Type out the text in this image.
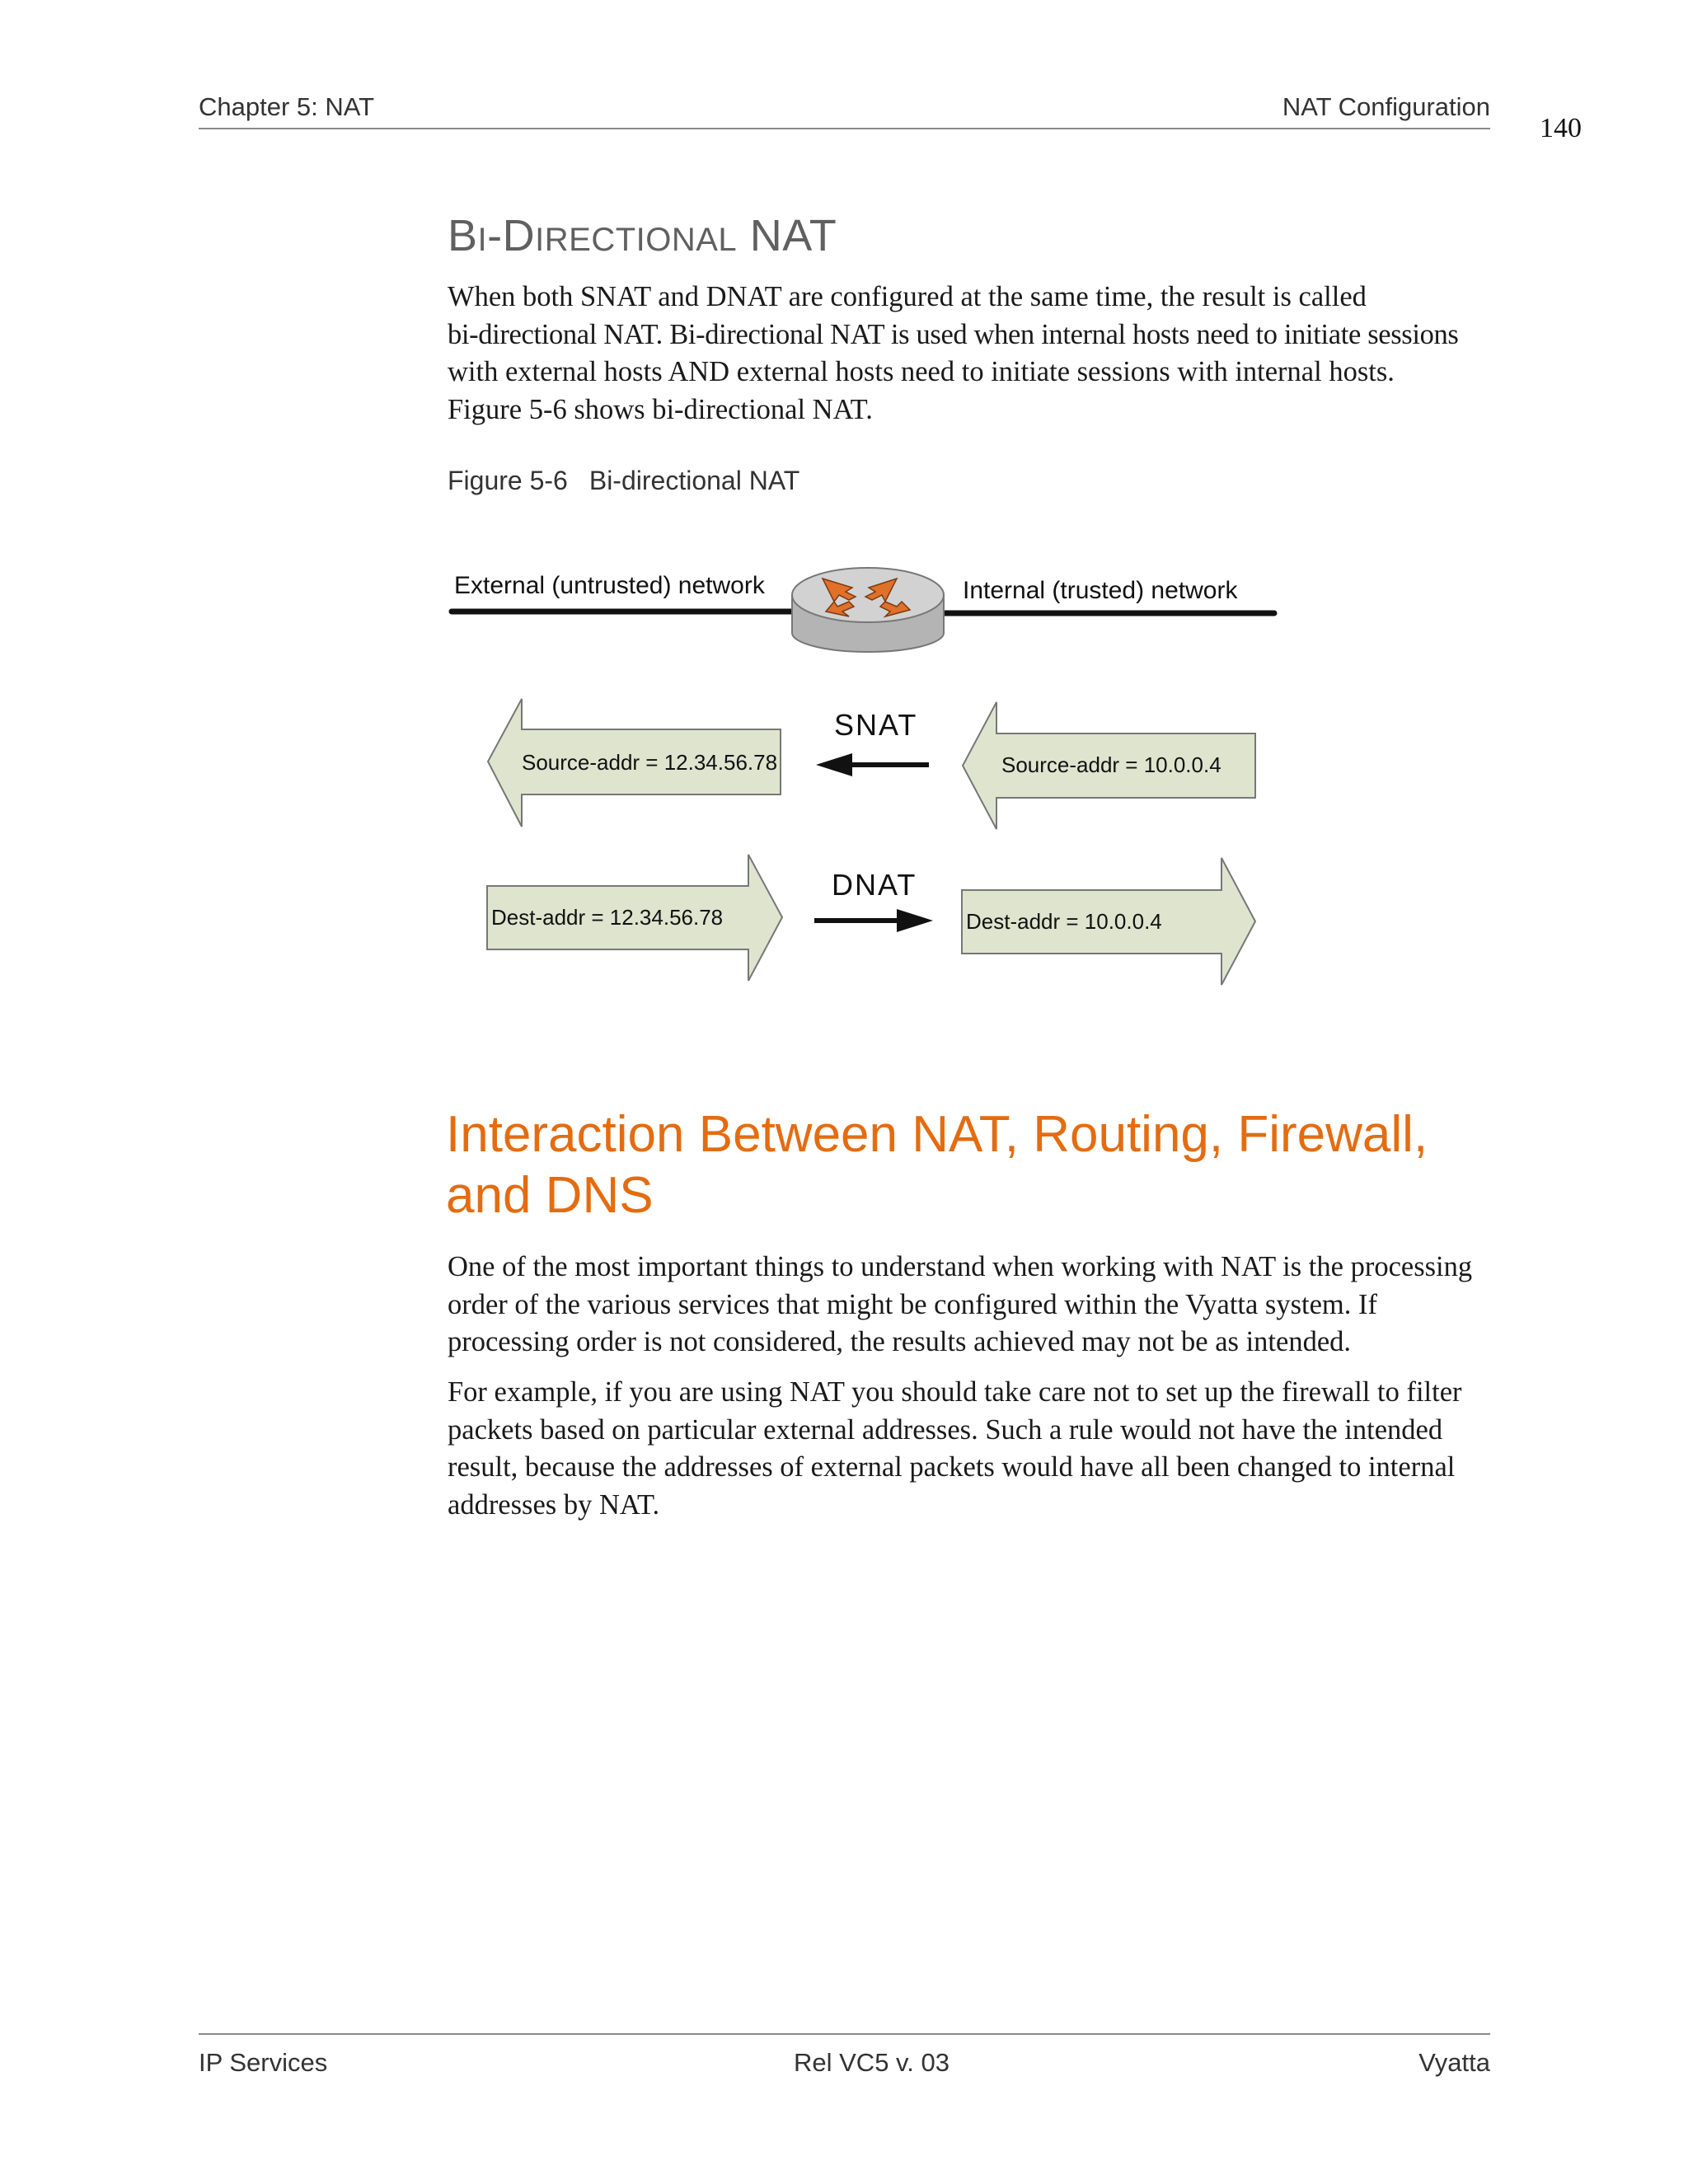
Chapter 5: NAT	NAT Configuration
140
BI-DIRECTIONAL NAT
When both SNAT and DNAT are configured at the same time, the result is called
bi-directional NAT. Bi-directional NAT is used when internal hosts need to initiate sessions
with external hosts AND external hosts need to initiate sessions with internal hosts.
Figure 5-6 shows bi-directional NAT.
Figure 5-6 Bi-directional NAT
External (untrusted) network	Internal (trusted) network
Source-addr = 12.34.56.78	Source-addr = 10.0.0.4
SNAT
Dest-addr = 12.34.56.78	Dest-addr = 10.0.0.4
DNAT
Interaction Between NAT, Routing, Firewall, and DNS
One of the most important things to understand when working with NAT is the processing
order of the various services that might be configured within the Vyatta system. If
processing order is not considered, the results achieved may not be as intended.
For example, if you are using NAT you should take care not to set up the firewall to filter
packets based on particular external addresses. Such a rule would not have the intended
result, because the addresses of external packets would have all been changed to internal
addresses by NAT.
IP Services	Rel VC5 v. 03	Vyatta
